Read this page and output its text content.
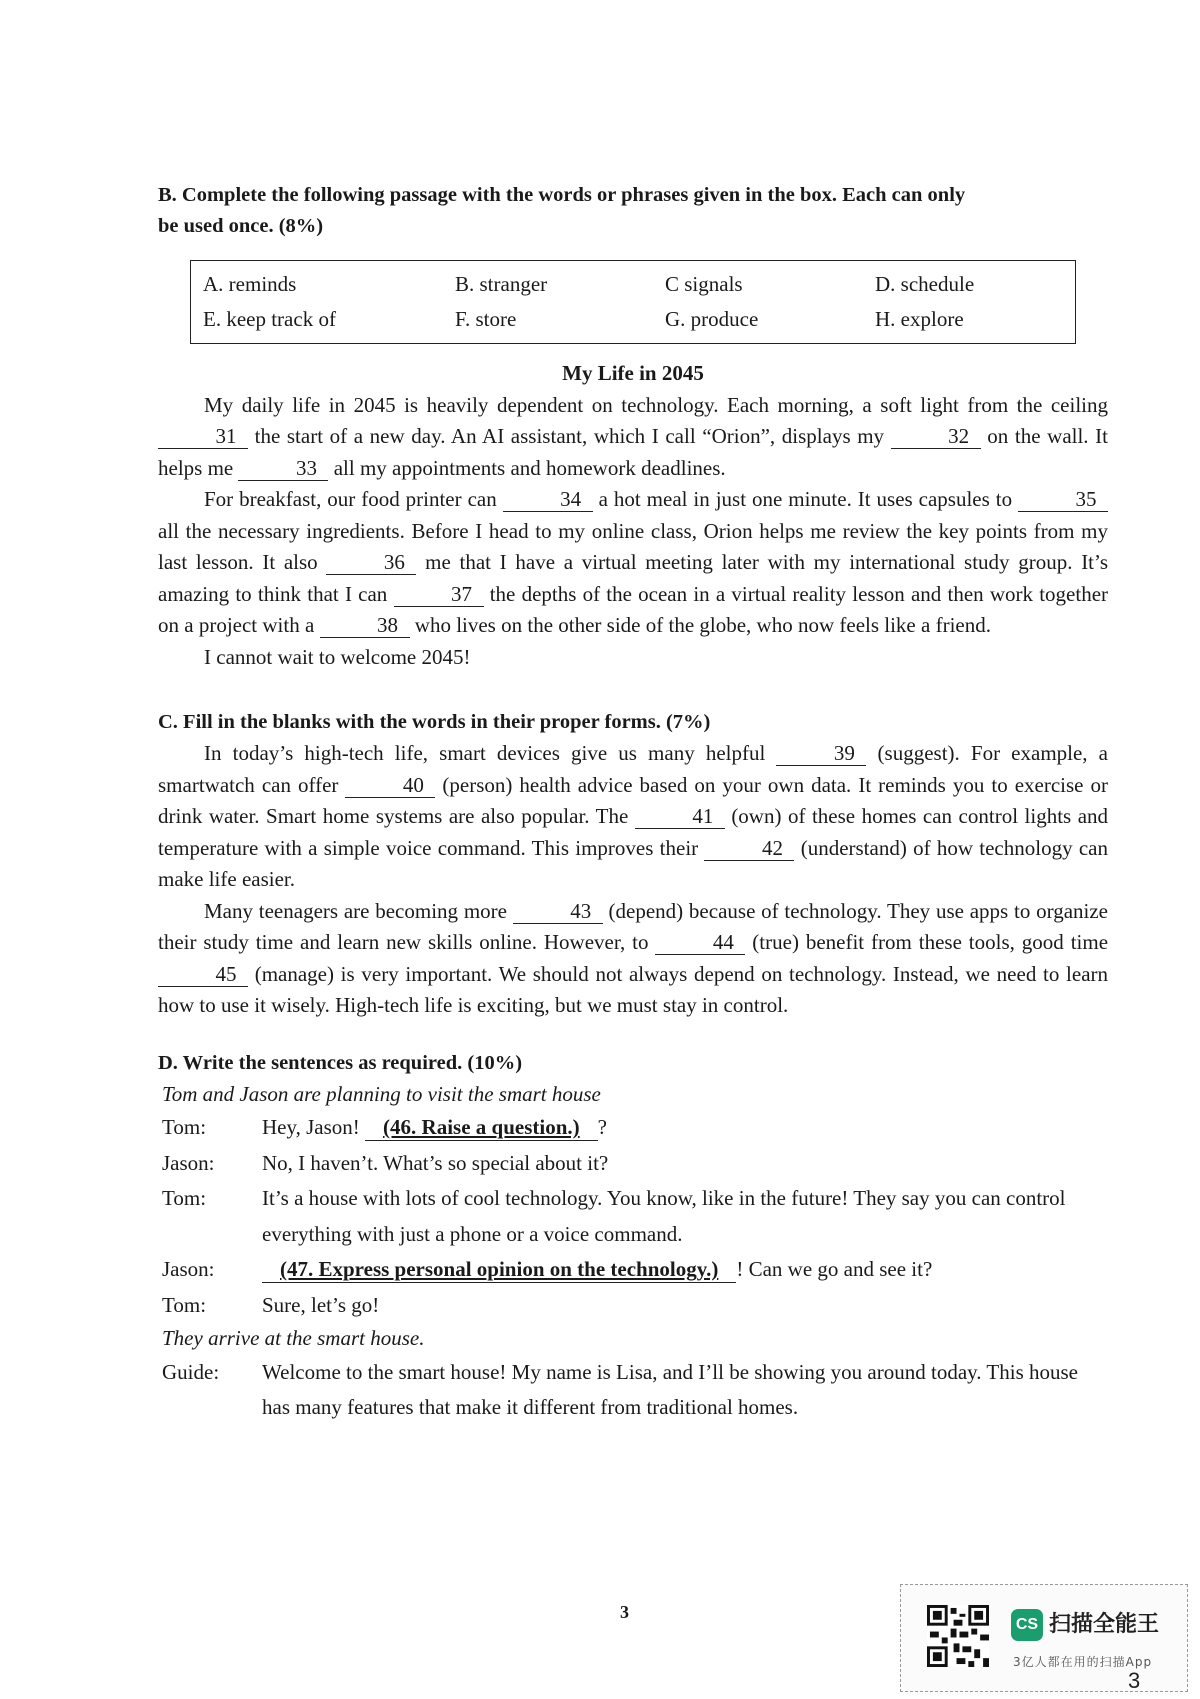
B. Complete the following passage with the words or phrases given in the box. Each can only
be used once. (8%)
A. reminds	B. stranger	C signals	D. schedule
E. keep track of	F. store	G. produce	H. explore
My Life in 2045
My daily life in 2045 is heavily dependent on technology. Each morning, a soft light from the ceiling 31 the start of a new day. An AI assistant, which I call “Orion”, displays my	32 on the wall. It helps me	33 all my appointments and homework deadlines.
For breakfast, our food printer can	34 a hot meal in just one minute. It uses capsules to	35 all the necessary ingredients. Before I head to my online class, Orion helps me review the key points from my last lesson. It also	36 me that I have a virtual meeting later with my international study group. It’s amazing to think that I can	37 the depths of the ocean in a virtual reality lesson and then work together on a project with a	38 who lives on the other side of the globe, who now feels like a friend.
I cannot wait to welcome 2045!
C. Fill in the blanks with the words in their proper forms. (7%)
In today’s high-tech life, smart devices give us many helpful	39 (suggest). For example, a smartwatch can offer	40 (person) health advice based on your own data. It reminds you to exercise or drink water. Smart home systems are also popular. The	41 (own) of these homes can control lights and temperature with a simple voice command. This improves their	42 (understand) of how technology can make life easier.
Many teenagers are becoming more	43 (depend) because of technology. They use apps to organize their study time and learn new skills online. However, to	44 (true) benefit from these tools, good time 45 (manage) is very important. We should not always depend on technology. Instead, we need to learn how to use it wisely. High-tech life is exciting, but we must stay in control.
D. Write the sentences as required. (10%)
Tom and Jason are planning to visit the smart house
Tom:	Hey, Jason! (46. Raise a question.) ?
Jason:	No, I haven’t. What’s so special about it?
Tom:	It’s a house with lots of cool technology. You know, like in the future! They say you can control everything with just a phone or a voice command.
Jason:	(47. Express personal opinion on the technology.) ! Can we go and see it?
Tom:	Sure, let’s go!
They arrive at the smart house.
Guide:	Welcome to the smart house! My name is Lisa, and I’ll be showing you around today. This house has many features that make it different from traditional homes.
3
CS 扫描全能王
3亿人都在用的扫描App
3
